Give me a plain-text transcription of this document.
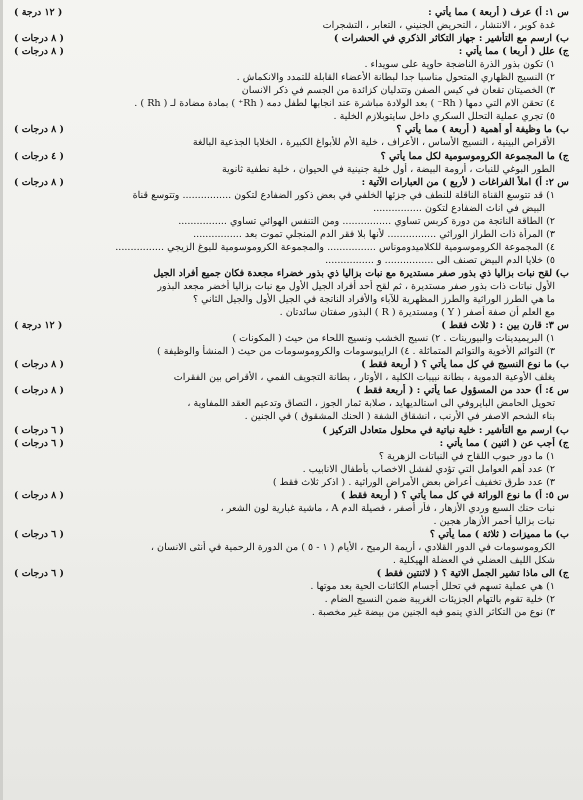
س ١: أ) عرف ( أربعة ) مما يأتي :
( ١٢ درجة )
غدة كوبر ، الانتشار ، التحريض الجنيني ، التعابر ، التشجرات
ب) ارسم مع التأشير : جهاز التكاثر الذكري في الحشرات )
( ٨ درجات )
ج) علل ( أربعا ) مما يأتي :
( ٨ درجات )
١) تكون بذور الذرة الناضجة حاوية على سويداء .
٢) النسيج الظهاري المتحول مناسبا جدا لبطانة الأعضاء القابلة للتمدد والانكماش .
٣) الخصيتان تقعان في كيس الصفن وتتدليان كزائدة من الجسم في ذكر الانسان
٤) تحقن الام التي دمها ( Rh⁻ ) بعد الولادة مباشرة عند انجابها لطفل دمه ( Rh⁺ ) بمادة مضادة لـ ( Rh ) .
٥) تجري عملية التحلل السكري داخل سايتوبلازم الخلية .
ب) ما وظيفة أو أهمية ( أربعة ) مما يأتي ؟
( ٨ درجات )
الأقراص البينية ، النسيج الأساس ، الأعراف ، خلية الأم للأبواغ الكبيرة ، الخلايا الجذعية البالغة
ج) ما المجموعة الكروموسومية لكل مما يأتي ؟
( ٤ درجات )
الطور البوغي للنبات ، أرومة البيضة ، أول خلية جنينية في الحيوان ، خلية نطفية ثانوية
س ٢: أ) املأ الفراغات ( لأربع ) من العبارات الآتية :
( ٨ درجات )
١) قد تتوسع القناة الناقلة للنطف في جزئها الخلفي في بعض ذكور الضفادع لتكون ................ وتتوسع قناة
البيض في اناث الضفادع لتكون ................
٢) الطاقة الناتجة من دورة كربس تساوي ................ ومن التنفس الهوائي تساوي ................
٣) المرأة ذات الطراز الوراثي ................ لأنها بلا فقر الدم المنجلي تموت بعد ................
٤) المجموعة الكروموسومية للكلاميدوموناس ................ والمجموعة الكروموسومية للبوغ الزيجي ................
٥) خلايا الدم البيض تصنف الى ................ و ................
ب) لقح نبات بزاليا ذي بذور صفر مستديرة مع نبات بزاليا ذي بذور خضراء مجعدة فكان جميع أفراد الجيل
الأول نباتات ذات بذور صفر مستديرة ، ثم لقح أحد أفراد الجيل الأول مع نبات بزاليا أخضر مجعد البذور
ما هي الطرز الوراثية والطرز المظهرية للآباء والأفراد الناتجة في الجيل الأول والجيل الثاني ؟
مع العلم أن صفة أصفر ( Y ) ومستديرة ( R ) البذور صفتان سائدتان .
س ٣: قارن بين : ( ثلاث فقط )
( ١٢ درجة )
١) البريميدينات والبيورينات . ٢) نسيج الخشب ونسيج اللحاء من حيث ( المكونات )
٣) التوائم الأخوية والتوائم المتماثلة . ٤) الرايبوسومات والكروموسومات من حيث ( المنشأ والوظيفة )
ب) ما نوع النسيج في كل مما يأتي ؟ ( أربعة فقط )
( ٨ درجات )
يغلف الأوعية الدموية ، بطانة نبيبات الكلية ، الأوتار ، بطانة التجويف الفمي ، الأقراص بين الفقرات
س ٤: أ) حدد من المسؤول عما يأتي : ( أربعة فقط )
( ٨ درجات )
تحويل الحامض البايروفي الى استالديهايد ، صلابة ثمار الجوز ، التصاق وتدعيم العقد اللمفاوية ،
بناء الشحم الاصفر في الأرنب ، انشقاق الشفة ( الحنك المشقوق ) في الجنين .
ب) ارسم مع التأشير : خلية نباتية في محلول متعادل التركيز )
( ٦ درجات )
ج) أجب عن ( اثنين ) مما يأتي :
( ٦ درجات )
١) ما دور حبوب اللقاح في النباتات الزهرية ؟
٢) عدد أهم العوامل التي تؤدي لفشل الاخصاب بأطفال الانابيب .
٣) عدد طرق تخفيف أعراض بعض الأمراض الوراثية . ( اذكر ثلاث فقط )
س ٥: أ) ما نوع الوراثة في كل مما يأتي ؟ ( أربعة فقط )
( ٨ درجات )
نبات حنك السبع وردي الأزهار ، فأر أصفر ، فصيلة الدم A ، ماشية غبارية لون الشعر ،
نبات بزاليا أحمر الأزهار هجين .
ب) ما مميزات ( ثلاثة ) مما يأتي ؟
( ٦ درجات )
الكروموسومات في الدور القلادي ، أريمة الرميح ، الأيام ( ١ - ٥ ) من الدورة الرحمية في أنثى الانسان ،
شكل الليف العضلي في العضلة الهيكلية .
ج) الى ماذا تشير الجمل الاتية ؟ ( لاثنتين فقط )
( ٦ درجات )
١) هي عملية تسهم في تحلل أجسام الكائنات الحية بعد موتها .
٢) خلية تقوم بالتهام الجزيئات الغريبة ضمن النسيج الضام .
٣) نوع من التكاثر الذي ينمو فيه الجنين من بيضة غير مخصبة .
